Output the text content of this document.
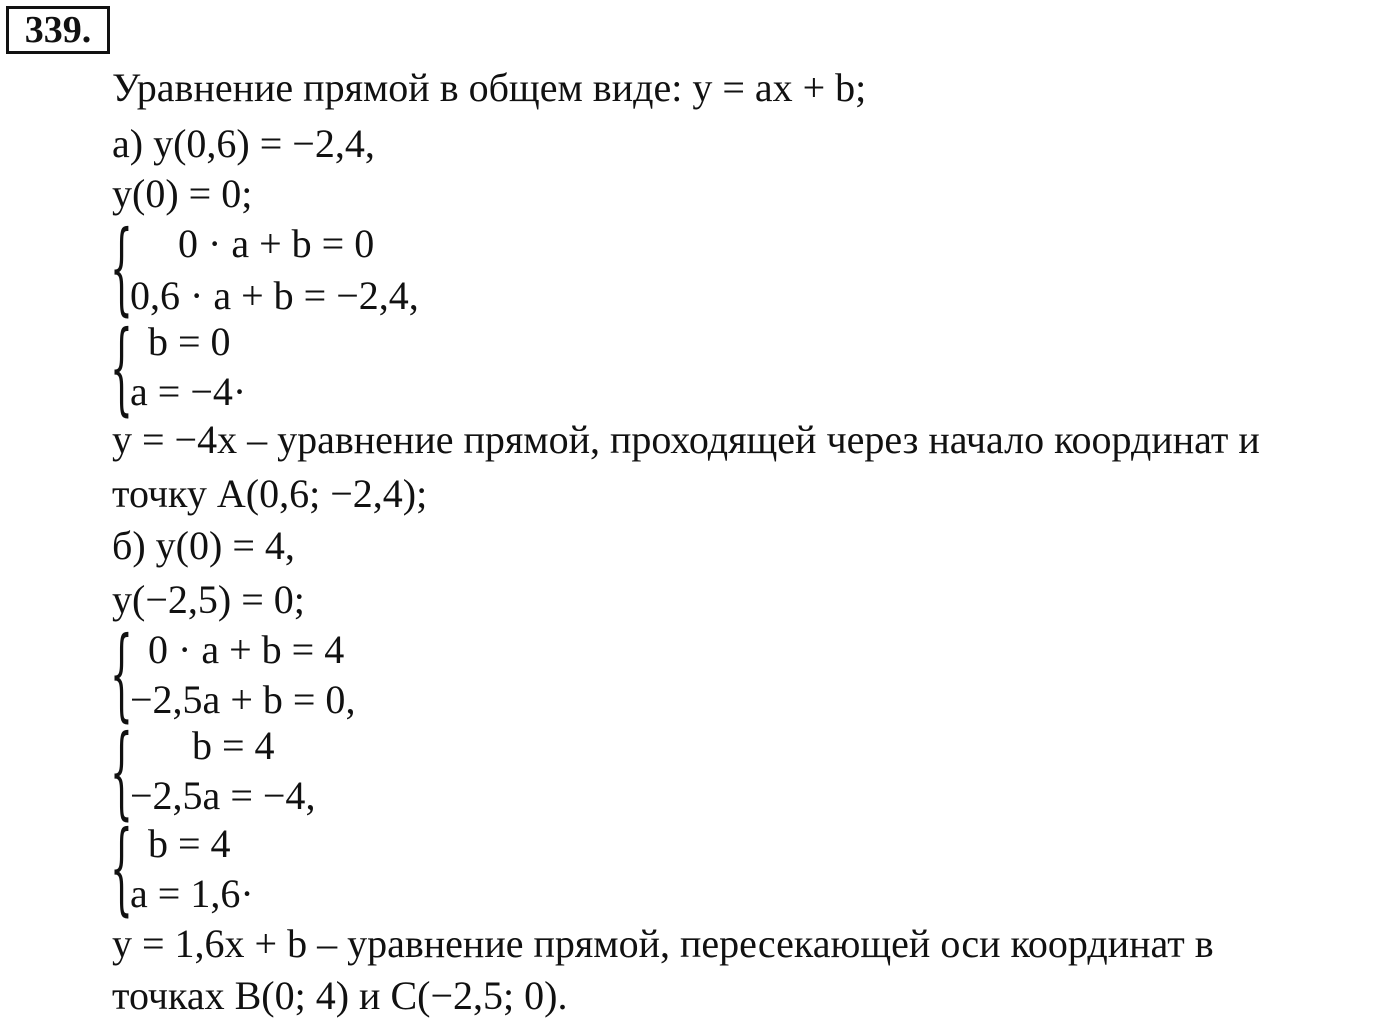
339.
Уравнение прямой в общем виде: y = ax + b;
а) y(0,6) = −2,4,
y(0) = 0;
{ 0 · a + b = 0
0,6 · a + b = −2,4,
{ b = 0
a = −4·
y = −4x – уравнение прямой, проходящей через начало координат и
точку A(0,6; −2,4);
б) y(0) = 4,
y(−2,5) = 0;
{ 0 · a + b = 4
−2,5a + b = 0,
{ b = 4
−2,5a = −4,
{ b = 4
a = 1,6·
y = 1,6x + b – уравнение прямой, пересекающей оси координат в
точках B(0; 4) и C(−2,5; 0).
